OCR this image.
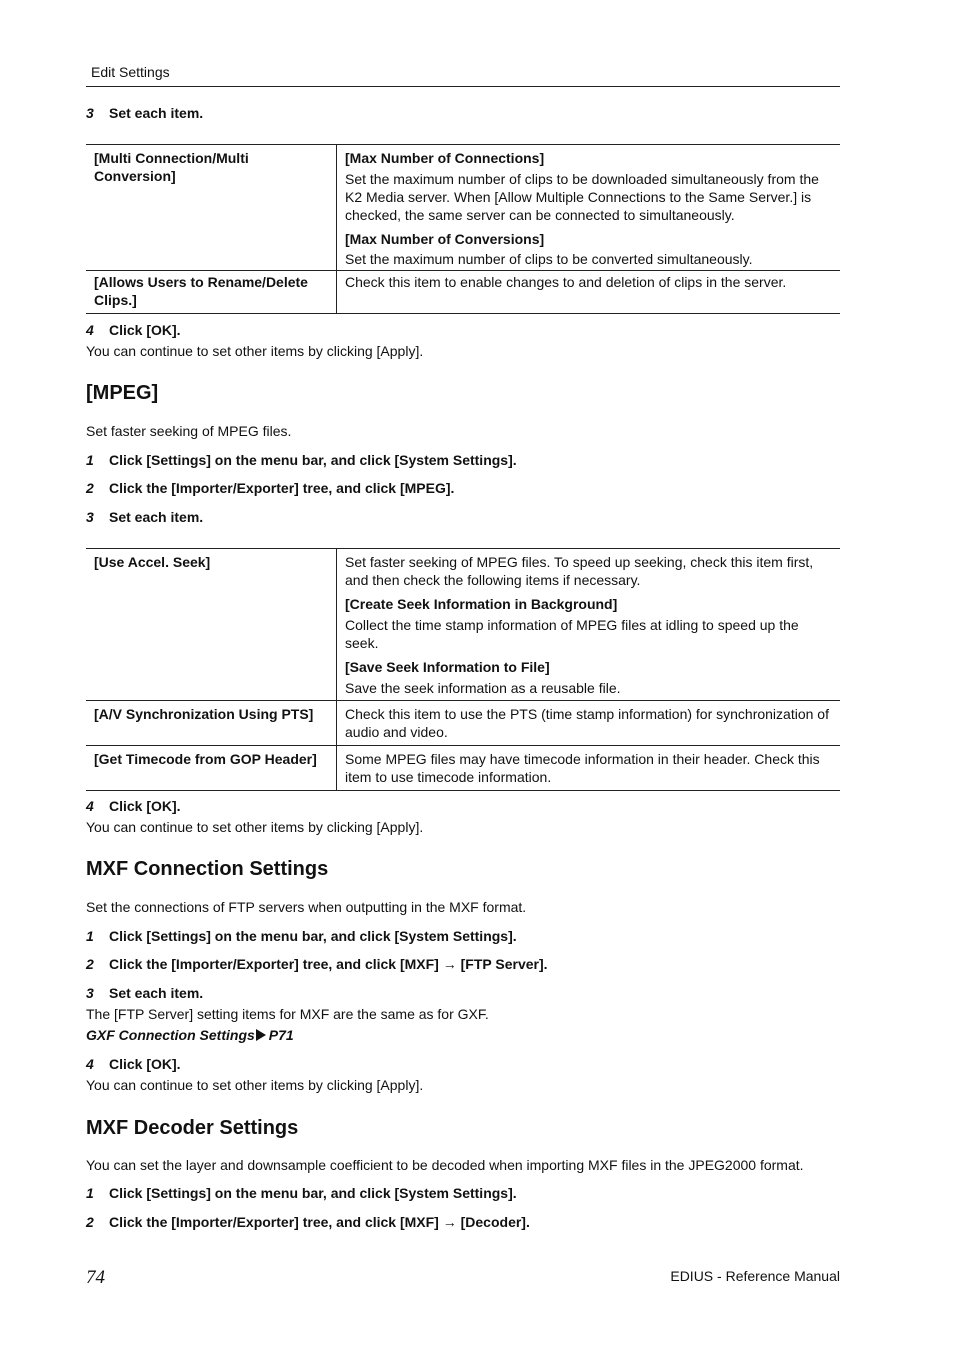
Edit Settings
3 Set each item.
[Multi Connection/Multi Conversion]	[Max Number of Connections]
Set the maximum number of clips to be downloaded simultaneously from the K2 Media server. When [Allow Multiple Connections to the Same Server.] is checked, the same server can be connected to simultaneously.
[Max Number of Conversions]
Set the maximum number of clips to be converted simultaneously.

[Allows Users to Rename/Delete Clips.]	Check this item to enable changes to and deletion of clips in the server.
4 Click [OK].
You can continue to set other items by clicking [Apply].
[MPEG]
Set faster seeking of MPEG files.
1 Click [Settings] on the menu bar, and click [System Settings].
2 Click the [Importer/Exporter] tree, and click [MPEG].
3 Set each item.
[Use Accel. Seek]	Set faster seeking of MPEG files. To speed up seeking, check this item first, and then check the following items if necessary.
[Create Seek Information in Background]
Collect the time stamp information of MPEG files at idling to speed up the seek.
[Save Seek Information to File]
Save the seek information as a reusable file.

[A/V Synchronization Using PTS]	Check this item to use the PTS (time stamp information) for synchronization of audio and video.
[Get Timecode from GOP Header]	Some MPEG files may have timecode information in their header. Check this item to use timecode information.
4 Click [OK].
You can continue to set other items by clicking [Apply].
MXF Connection Settings
Set the connections of FTP servers when outputting in the MXF format.
1 Click [Settings] on the menu bar, and click [System Settings].
2 Click the [Importer/Exporter] tree, and click [MXF] → [FTP Server].
3 Set each item.
The [FTP Server] setting items for MXF are the same as for GXF.
GXF Connection Settings P71
4 Click [OK].
You can continue to set other items by clicking [Apply].
MXF Decoder Settings
You can set the layer and downsample coefficient to be decoded when importing MXF files in the JPEG2000 format.
1 Click [Settings] on the menu bar, and click [System Settings].
2 Click the [Importer/Exporter] tree, and click [MXF] → [Decoder].
74	EDIUS - Reference Manual
